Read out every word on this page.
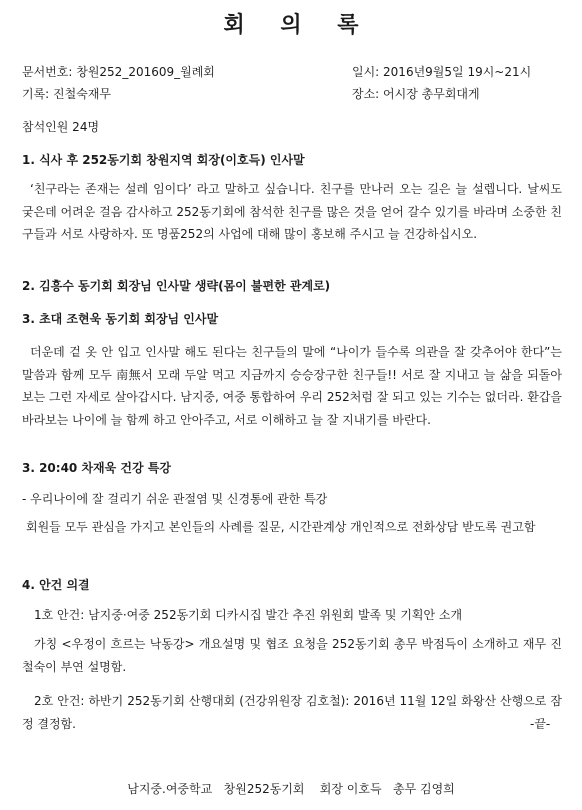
회 의 록
문서번호: 창원252_201609_월례회	일시: 2016년9월5일 19시~21시
기록: 진철숙재무	장소: 어시장 총무회대게
참석인원 24명
1. 식사 후 252동기회 창원지역 회장(이호득) 인사말
‘친구라는 존재는 설레 임이다’ 라고 말하고 싶습니다. 친구를 만나러 오는 길은 늘 설렙니다. 날씨도 궂은데 어려운 걸음 감사하고 252동기회에 참석한 친구를 많은 것을 얻어 갈수 있기를 바라며 소중한 친구들과 서로 사랑하자. 또 명품252의 사업에 대해 많이 홍보해 주시고 늘 건강하십시오.
2. 김흥수 동기회 회장님 인사말 생략(몸이 불편한 관계로)
3. 초대 조현욱 동기회 회장님 인사말
더운데 겉 옷 안 입고 인사말 해도 된다는 친구들의 말에 “나이가 들수록 의관을 잘 갖추어야 한다”는 말씀과 함께 모두 南無서 모래 두알 먹고 지금까지 승승장구한 친구들!! 서로 잘 지내고 늘 삶을 되돌아보는 그런 자세로 살아갑시다. 남지중, 여중 통합하여 우리 252처럼 잘 되고 있는 기수는 없더라. 환갑을 바라보는 나이에 늘 함께 하고 안아주고, 서로 이해하고 늘 잘 지내기를 바란다.
3. 20:40 차재욱 건강 특강
- 우리나이에 잘 걸리기 쉬운 관절염 및 신경통에 관한 특강
회원들 모두 관심을 가지고 본인들의 사례를 질문, 시간관계상 개인적으로 전화상담 받도록 권고함
4. 안건 의결
1호 안건: 남지중·여중 252동기회 디카시집 발간 추진 위원회 발족 및 기획안 소개
가칭 <우정이 흐르는 낙동강> 개요설명 및 협조 요청을 252동기회 총무 박점득이 소개하고 재무 진철숙이 부연 설명함.
2호 안건: 하반기 252동기회 산행대회 (건강위원장 김호철): 2016년 11월 12일 화왕산 산행으로 잠정 결정함.	-끝-
남지중.여중학교   창원252동기회    회장 이호득   총무 김영희
